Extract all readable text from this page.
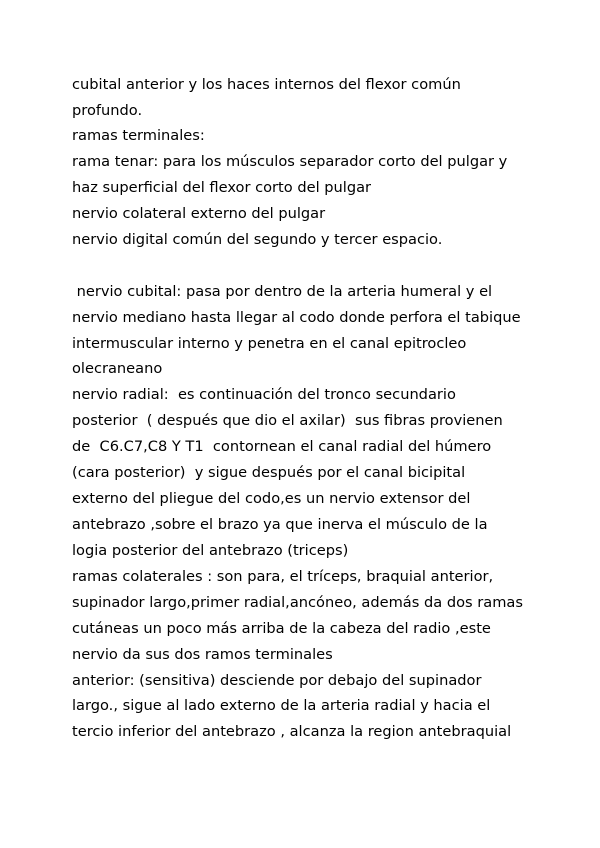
cubital anterior y los haces internos del flexor común
profundo.
ramas terminales:
rama tenar: para los músculos separador corto del pulgar y
haz superficial del flexor corto del pulgar
nervio colateral externo del pulgar
nervio digital común del segundo y tercer espacio.
nervio cubital: pasa por dentro de la arteria humeral y el
nervio mediano hasta llegar al codo donde perfora el tabique
intermuscular interno y penetra en el canal epitrocleo
olecraneano
nervio radial:  es continuación del tronco secundario
posterior  ( después que dio el axilar)  sus fibras provienen
de  C6.C7,C8 Y T1  contornean el canal radial del húmero
(cara posterior)  y sigue después por el canal bicipital
externo del pliegue del codo,es un nervio extensor del
antebrazo ,sobre el brazo ya que inerva el músculo de la
logia posterior del antebrazo (triceps)
ramas colaterales : son para, el tríceps, braquial anterior,
supinador largo,primer radial,ancóneo, además da dos ramas
cutáneas un poco más arriba de la cabeza del radio ,este
nervio da sus dos ramos terminales
anterior: (sensitiva) desciende por debajo del supinador
largo., sigue al lado externo de la arteria radial y hacia el
tercio inferior del antebrazo , alcanza la region antebraquial
